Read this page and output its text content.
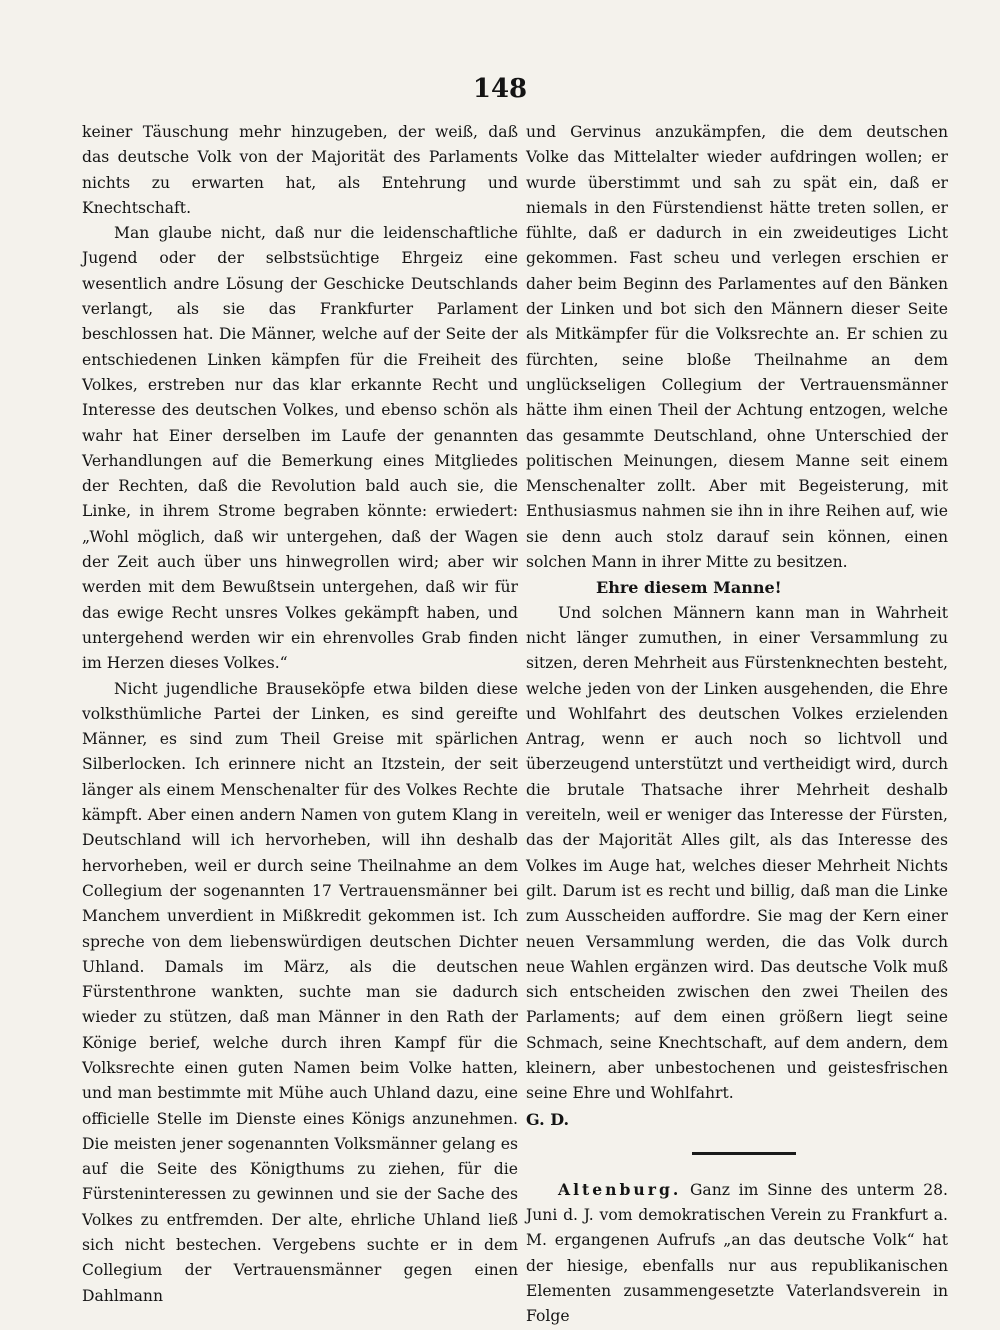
148

keiner Täuschung mehr hinzugeben, der weiß, daß das deutsche Volk von der Majorität des Parlaments nichts zu erwarten hat, als Entehrung und Knechtschaft.

Man glaube nicht, daß nur die leidenschaftliche Jugend oder der selbstsüchtige Ehrgeiz eine wesentlich andre Lösung der Geschicke Deutschlands verlangt, als sie das Frankfurter Parlament beschlossen hat. Die Männer, welche auf der Seite der entschiedenen Linken kämpfen für die Freiheit des Volkes, erstreben nur das klar erkannte Recht und Interesse des deutschen Volkes, und ebenso schön als wahr hat Einer derselben im Laufe der genannten Verhandlungen auf die Bemerkung eines Mitgliedes der Rechten, daß die Revolution bald auch sie, die Linke, in ihrem Strome begraben könnte: erwiedert: „Wohl möglich, daß wir untergehen, daß der Wagen der Zeit auch über uns hinwegrollen wird; aber wir werden mit dem Bewußtsein untergehen, daß wir für das ewige Recht unsres Volkes gekämpft haben, und untergehend werden wir ein ehrenvolles Grab finden im Herzen dieses Volkes.“

Nicht jugendliche Brauseköpfe etwa bilden diese volksthümliche Partei der Linken, es sind gereifte Männer, es sind zum Theil Greise mit spärlichen Silberlocken. Ich erinnere nicht an Itzstein, der seit länger als einem Menschenalter für des Volkes Rechte kämpft. Aber einen andern Namen von gutem Klang in Deutschland will ich hervorheben, will ihn deshalb hervorheben, weil er durch seine Theilnahme an dem Collegium der sogenannten 17 Vertrauensmänner bei Manchem unverdient in Mißkredit gekommen ist. Ich spreche von dem liebenswürdigen deutschen Dichter Uhland. Damals im März, als die deutschen Fürstenthrone wankten, suchte man sie dadurch wieder zu stützen, daß man Männer in den Rath der Könige berief, welche durch ihren Kampf für die Volksrechte einen guten Namen beim Volke hatten, und man bestimmte mit Mühe auch Uhland dazu, eine officielle Stelle im Dienste eines Königs anzunehmen. Die meisten jener sogenannten Volksmänner gelang es auf die Seite des Königthums zu ziehen, für die Fürsteninteressen zu gewinnen und sie der Sache des Volkes zu entfremden. Der alte, ehrliche Uhland ließ sich nicht bestechen. Vergebens suchte er in dem Collegium der Vertrauensmänner gegen einen Dahlmann

und Gervinus anzukämpfen, die dem deutschen Volke das Mittelalter wieder aufdringen wollen; er wurde überstimmt und sah zu spät ein, daß er niemals in den Fürstendienst hätte treten sollen, er fühlte, daß er dadurch in ein zweideutiges Licht gekommen. Fast scheu und verlegen erschien er daher beim Beginn des Parlamentes auf den Bänken der Linken und bot sich den Männern dieser Seite als Mitkämpfer für die Volksrechte an. Er schien zu fürchten, seine bloße Theilnahme an dem unglückseligen Collegium der Vertrauensmänner hätte ihm einen Theil der Achtung entzogen, welche das gesammte Deutschland, ohne Unterschied der politischen Meinungen, diesem Manne seit einem Menschenalter zollt. Aber mit Begeisterung, mit Enthusiasmus nahmen sie ihn in ihre Reihen auf, wie sie denn auch stolz darauf sein können, einen solchen Mann in ihrer Mitte zu besitzen.

Ehre diesem Manne!

Und solchen Männern kann man in Wahrheit nicht länger zumuthen, in einer Versammlung zu sitzen, deren Mehrheit aus Fürstenknechten besteht, welche jeden von der Linken ausgehenden, die Ehre und Wohlfahrt des deutschen Volkes erzielenden Antrag, wenn er auch noch so lichtvoll und überzeugend unterstützt und vertheidigt wird, durch die brutale Thatsache ihrer Mehrheit deshalb vereiteln, weil er weniger das Interesse der Fürsten, das der Majorität Alles gilt, als das Interesse des Volkes im Auge hat, welches dieser Mehrheit Nichts gilt. Darum ist es recht und billig, daß man die Linke zum Ausscheiden auffordre. Sie mag der Kern einer neuen Versammlung werden, die das Volk durch neue Wahlen ergänzen wird. Das deutsche Volk muß sich entscheiden zwischen den zwei Theilen des Parlaments; auf dem einen größern liegt seine Schmach, seine Knechtschaft, auf dem andern, dem kleinern, aber unbestochenen und geistesfrischen seine Ehre und Wohlfahrt.

G. D.

Altenburg. Ganz im Sinne des unterm 28. Juni d. J. vom demokratischen Verein zu Frankfurt a. M. ergangenen Aufrufs „an das deutsche Volk“ hat der hiesige, ebenfalls nur aus republikanischen Elementen zusammengesetzte Vaterlandsverein in Folge
